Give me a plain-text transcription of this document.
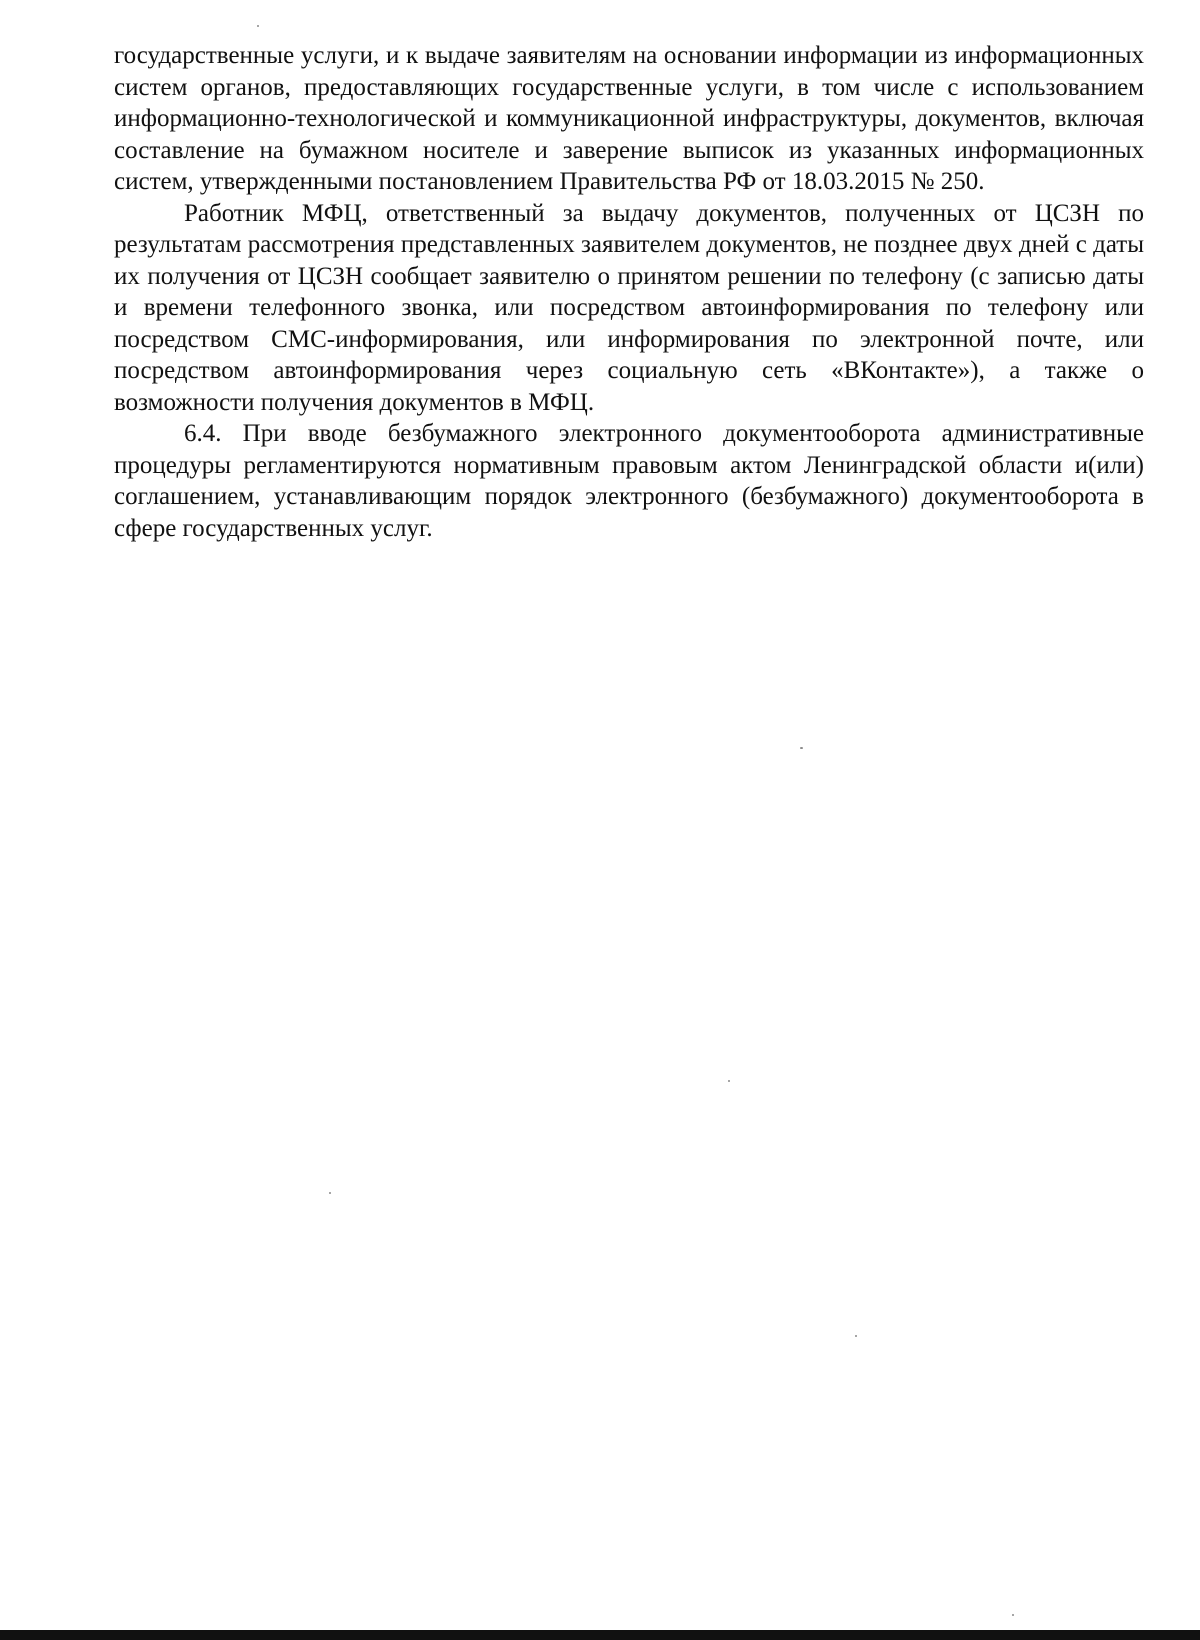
государственные услуги, и к выдаче заявителям на основании информации из информационных систем органов, предоставляющих государственные услуги, в том числе с использованием информационно-технологической и коммуникационной инфраструктуры, документов, включая составление на бумажном носителе и заверение выписок из указанных информационных систем, утвержденными постановлением Правительства РФ от 18.03.2015 № 250.

Работник МФЦ, ответственный за выдачу документов, полученных от ЦСЗН по результатам рассмотрения представленных заявителем документов, не позднее двух дней с даты их получения от ЦСЗН сообщает заявителю о принятом решении по телефону (с записью даты и времени телефонного звонка, или посредством автоинформирования по телефону или посредством СМС-информирования, или информирования по электронной почте, или посредством автоинформирования через социальную сеть «ВКонтакте»), а также о возможности получения документов в МФЦ.

6.4. При вводе безбумажного электронного документооборота административные процедуры регламентируются нормативным правовым актом Ленинградской области и(или) соглашением, устанавливающим порядок электронного (безбумажного) документооборота в сфере государственных услуг.
